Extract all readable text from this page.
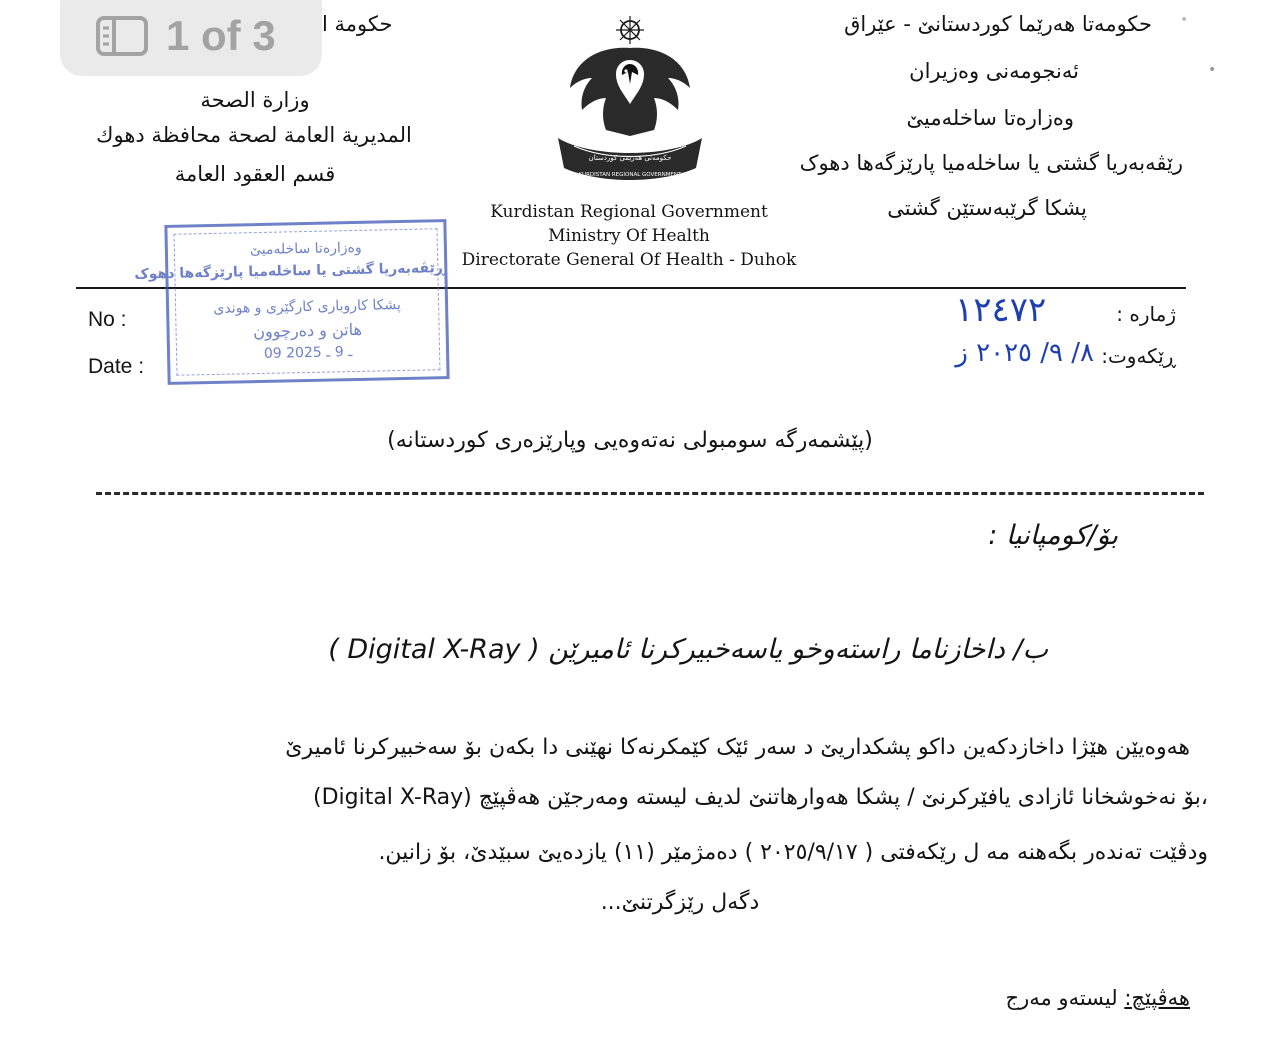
1 of 3	حکومەتا هەرێما کوردستانێ - عێراق
ئەنجومەنی وەزیران
وەزارەتا ساخلەمیێ
رێڤەبەریا گشتی یا ساخلەمیا پارێزگەها دهوک
پشکا گرێبەستێن گشتی
•
•
حكومة ا
وزارة الصحة
المديرية العامة لصحة محافظة دهوك
قسم العقود العامة
حکومەتی هەرێمی کوردستان
KURDISTAN REGIONAL GOVERNMENT
Kurdistan Regional Government
Ministry Of Health
Directorate General Of Health - Duhok
وەزارەتا ساخلەمیێ
ڕێڤەبەریا گشتی یا ساخلەمیا پارێزگەها دهوک
پشکا کاروباری کارگێری و هوندی
هاتن و دەرچوون
09 ـ 9 ـ 2025
No :
Date :
ژمارە :
١٢٤٧٢
ڕێکەوت:
٨/ ٩/ ٢٠٢٥ ز
(پێشمەرگە سومبولی نەتەوەیی وپارێزەری کوردستانە)
بۆ/کومپانیا :
ب/ داخازناما راستەوخو یاسەخبیرکرنا ئامیرێن ( Digital X-Ray )
هەوەیێن هێژا داخازدکەین داکو پشکداریێ د سەر ئێک کێمکرنەکا نهێنی دا بکەن بۆ سەخبیرکرنا ئامیرێ
(Digital X-Ray) بۆ نەخوشخانا ئازادی یافێرکرنێ / پشکا هەوارهاتنێ لدیف لیستە ومەرجێن هەڤپێچ،
ودڤێت تەندەر بگەهنە مە ل رێکەفتی ( ٢٠٢٥/٩/١٧ ) دەمژمێر (١١) یازدەیێ سبێدێ، بۆ زانین.
دگەل رێزگرتنێ...
هەڤپێچ: لیستەو مەرج
